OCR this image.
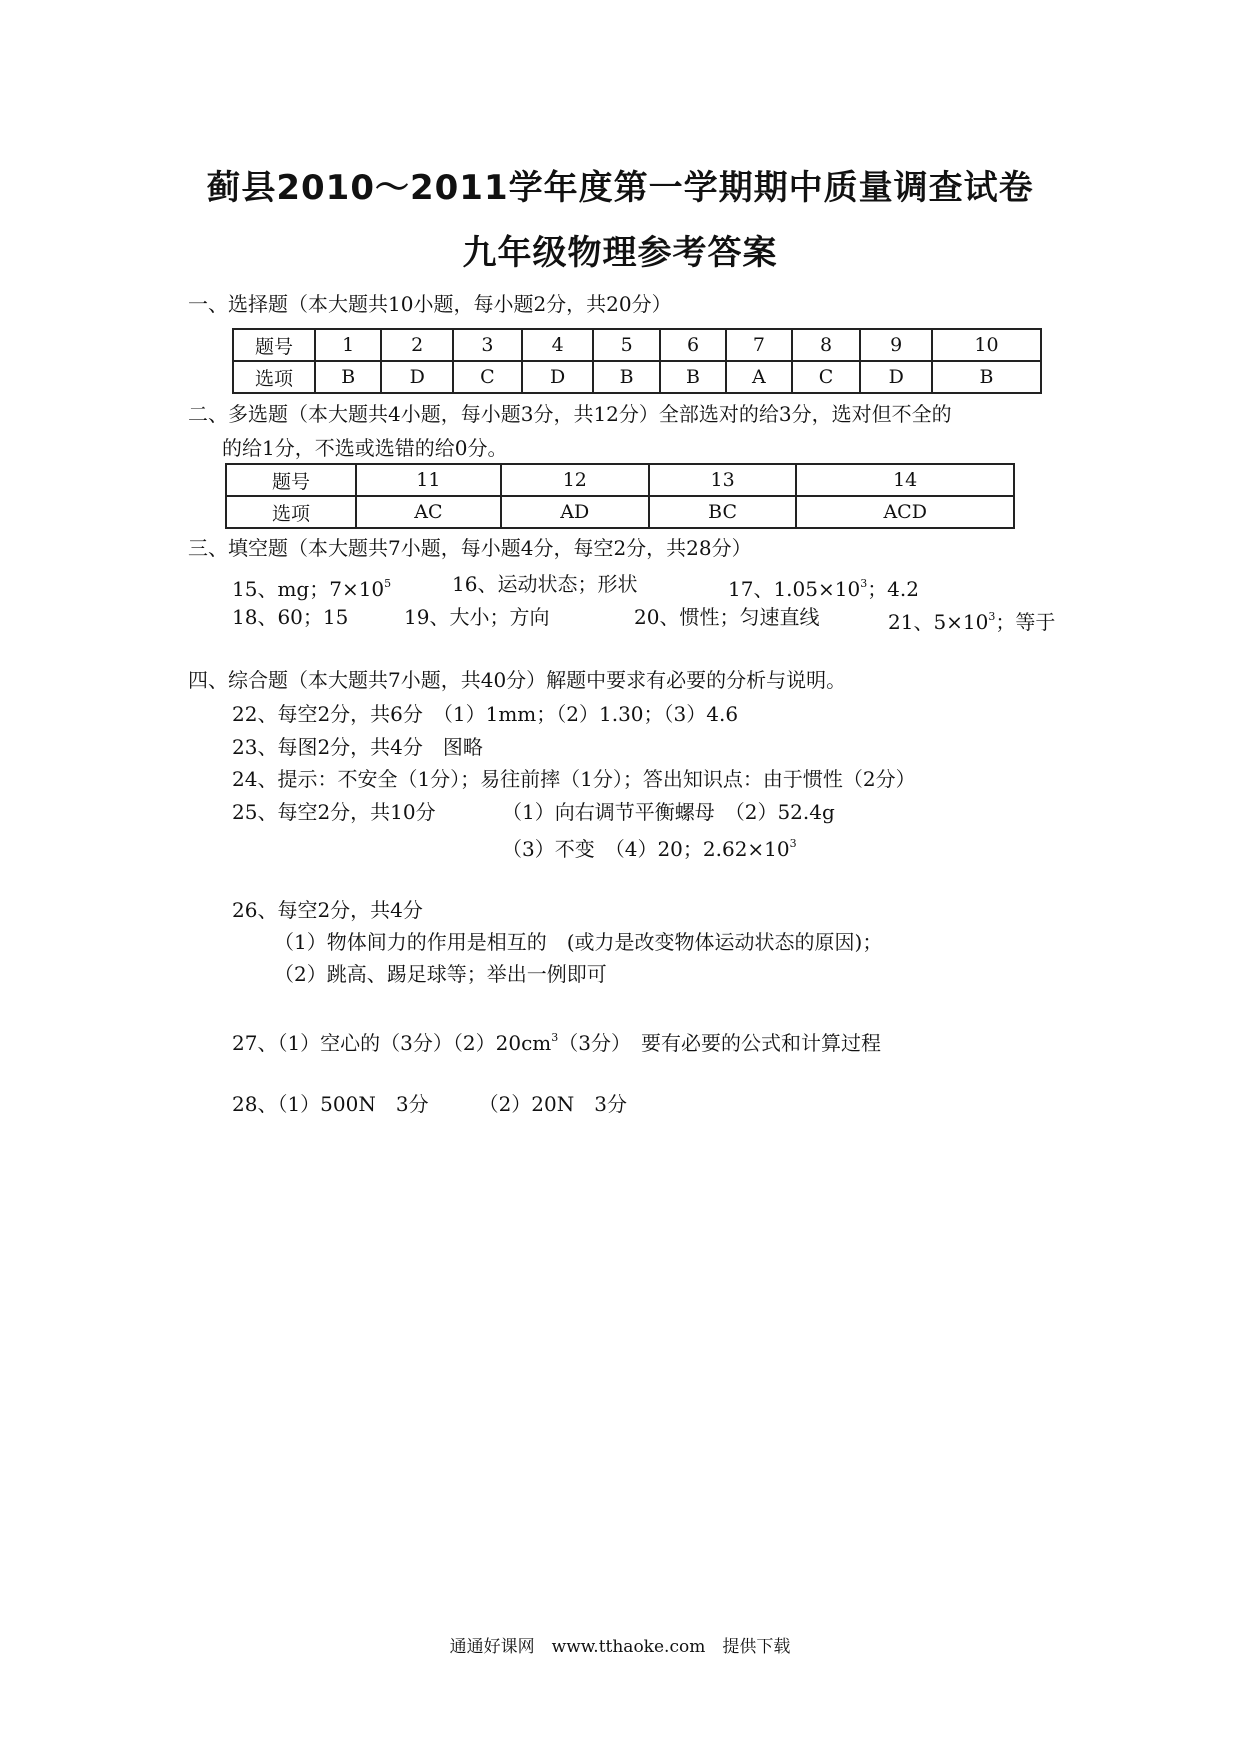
蓟县2010～2011学年度第一学期期中质量调查试卷
九年级物理参考答案
一、选择题（本大题共10小题，每小题2分，共20分）
题号	1	2	3	4	5	6	7	8	9	10
选项	B	D	C	D	B	B	A	C	D	B
二、多选题（本大题共4小题，每小题3分，共12分）全部选对的给3分，选对但不全的
的给1分，不选或选错的给0分。
题号	11	12	13	14
选项	AC	AD	BC	ACD
三、填空题（本大题共7小题，每小题4分，每空2分，共28分）
15、mg；$7\times 10^5$	16、运动状态；形状	17、$1.05\times 10^3$；4.2
18、60；15	19、大小；方向	20、惯性；匀速直线	21、$5\times 10^3$；等于
四、综合题（本大题共7小题，共40分）解题中要求有必要的分析与说明。
22、每空2分，共6分　（1）1mm；（2）1.30；（3）4.6
23、每图2分，共4分　图略
24、提示：不安全（1分）；易往前摔（1分）；答出知识点：由于惯性（2分）
25、每空2分，共10分	（1）向右调节平衡螺母　（2）52.4g
（3）不变　（4）20；$2.62\times 10^3$
26、每空2分，共4分
（1）物体间力的作用是相互的　(或力是改变物体运动状态的原因)；
（2）跳高、踢足球等；举出一例即可
27、（1）空心的（3分）$(2)20cm^3(3$分）　要有必要的公式和计算过程
28、（1）500N　3分　　　（2）20N　3分
通通好课网　www.tthaoke.com　提供下载
